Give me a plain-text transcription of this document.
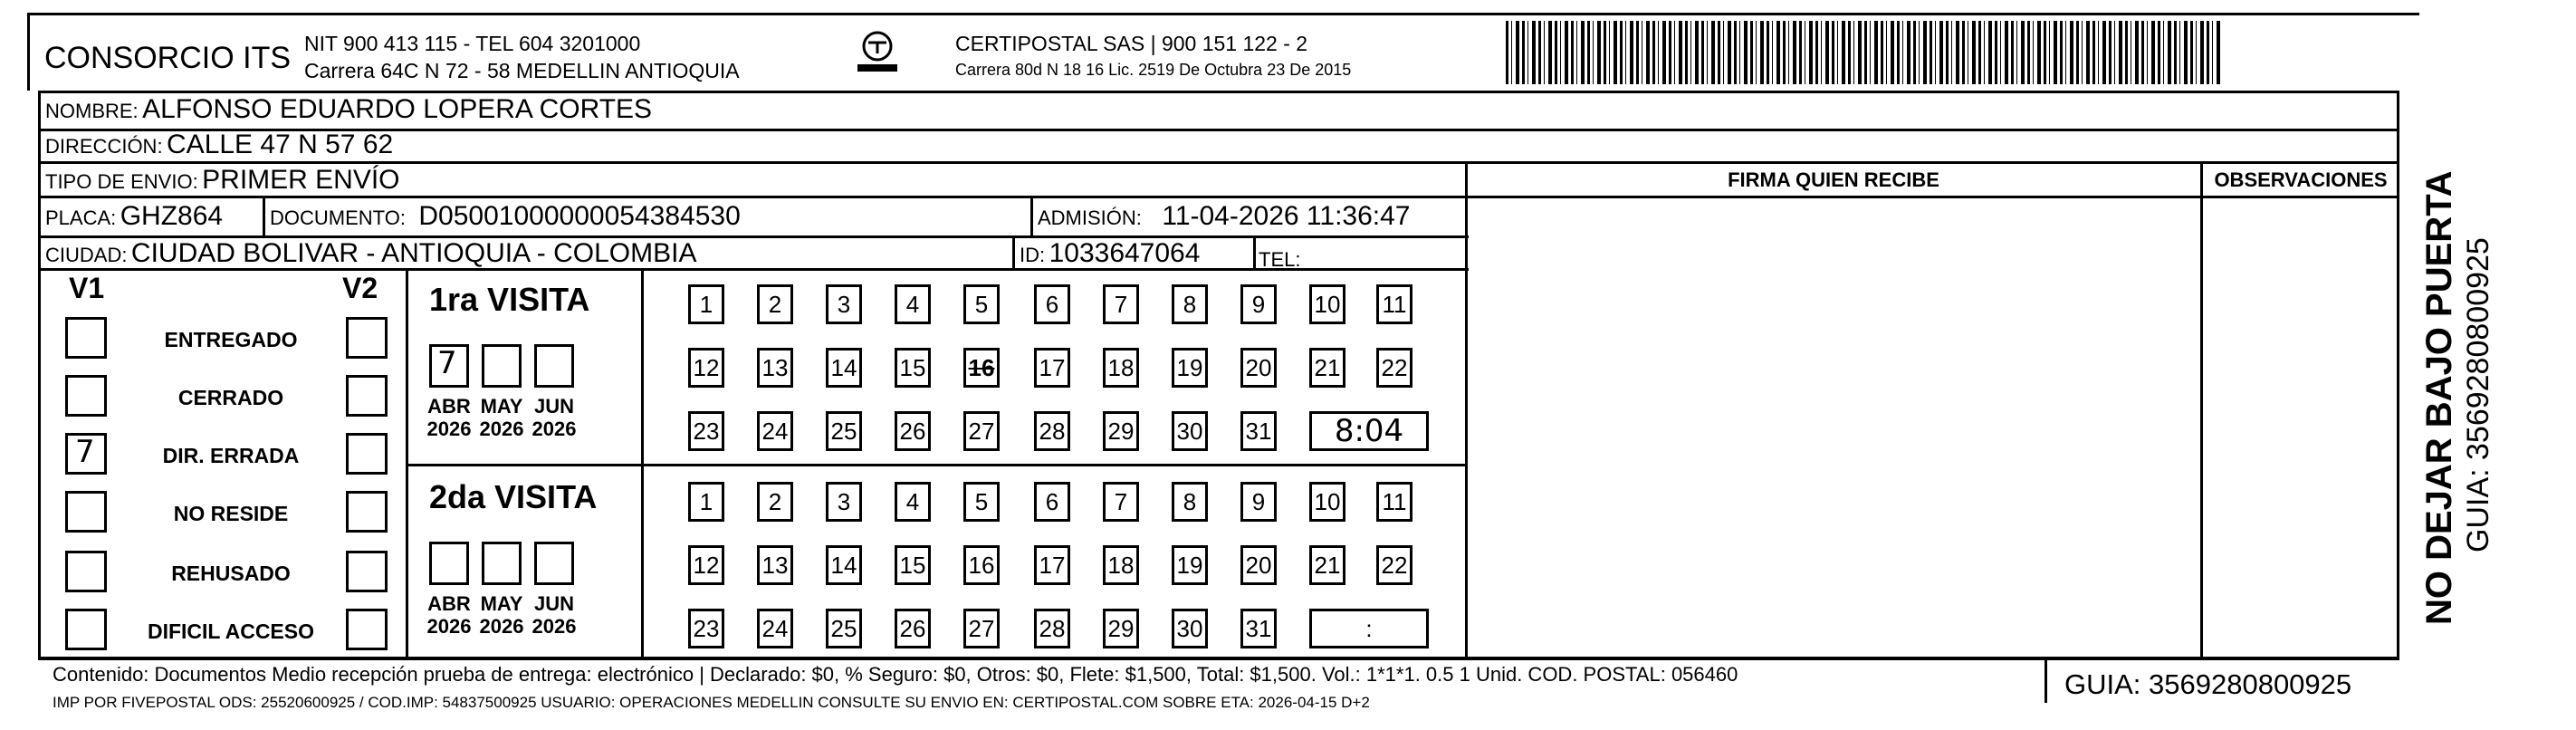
CONSORCIO ITS NIT 900 413 115 - TEL 604 3201000
Carrera 64C N 72 - 58 MEDELLIN ANTIOQUIA
CERTIPOSTAL SAS | 900 151 122 - 2
Carrera 80d N 18 16 Lic. 2519 De Octubra 23 De 2015
NOMBRE: ALFONSO EDUARDO LOPERA CORTES
DIRECCIÓN: CALLE 47 N 57 62
TIPO DE ENVIO: PRIMER ENVÍO	FIRMA QUIEN RECIBE	OBSERVACIONES
PLACA: GHZ864 DOCUMENTO: D05001000000054384530	ADMISIÓN: 11-04-2026 11:36:47
CIUDAD: CIUDAD BOLIVAR - ANTIOQUIA - COLOMBIA	ID: 1033647064	TEL:
V1	V2
ENTREGADO
CERRADO
7	DIR. ERRADA
NO RESIDE
REHUSADO
DIFICIL ACCESO
1ra VISITA
7
ABR
2026
MAY
2026
JUN
2026
1	2	3	4	5	6	7	8	9	10 11
12 13 14 15 16 17 18 19 20 21 22
23 24 25 26 27 28 29 30 31	8:04
2da VISITA
ABR
2026
MAY
2026
JUN
2026
1	2	3	4	5	6	7	8	9	10 11
12 13 14 15 16 17 18 19 20 21 22
23 24 25 26 27 28 29 30 31	:
Contenido: Documentos Medio recepción prueba de entrega: electrónico | Declarado: $0, % Seguro: $0, Otros: $0, Flete: $1,500, Total: $1,500. Vol.: 1*1*1. 0.5 1 Unid. COD. POSTAL: 056460
IMP POR FIVEPOSTAL ODS: 25520600925 / COD.IMP: 54837500925 USUARIO: OPERACIONES MEDELLIN CONSULTE SU ENVIO EN: CERTIPOSTAL.COM SOBRE ETA: 2026-04-15 D+2
GUIA: 3569280800925
NO DEJAR BAJO PUERTA GUIA: 3569280800925
